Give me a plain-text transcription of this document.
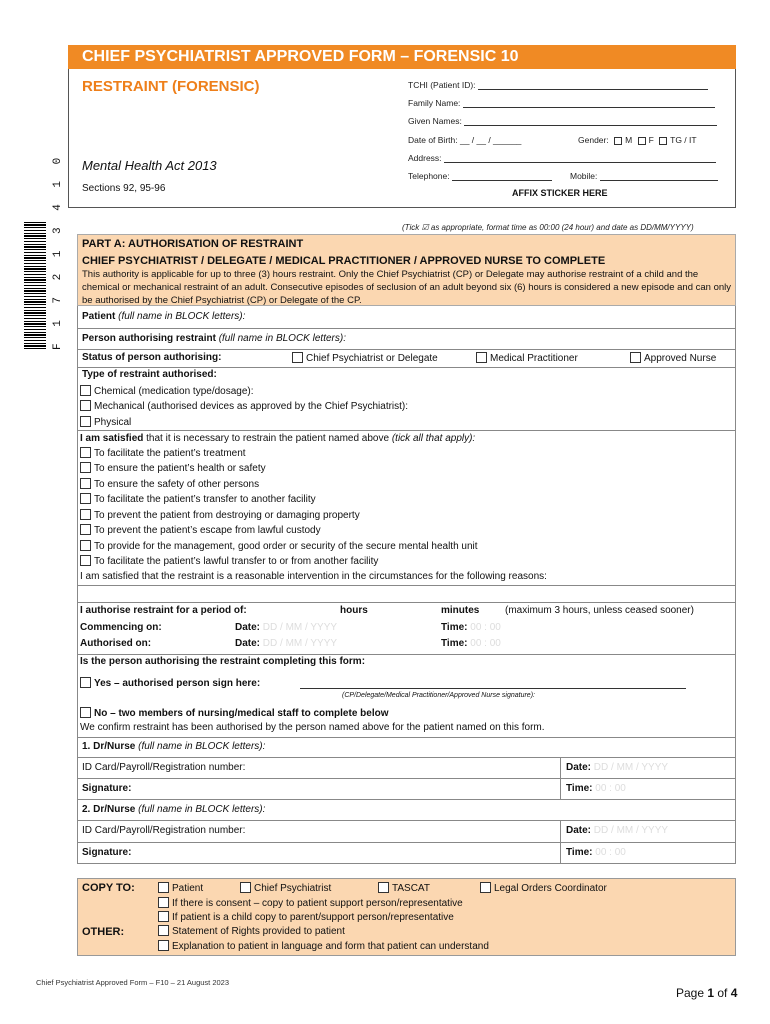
CHIEF PSYCHIATRIST APPROVED FORM – FORENSIC 10
RESTRAINT (FORENSIC)
Mental Health Act 2013
Sections 92, 95-96
TCHI (Patient ID):
Family Name:
Given Names:
Date of Birth: __ / __ / ______	Gender: M F TG / IT
Address:
Telephone:	Mobile:
AFFIX STICKER HERE
(Tick ☑ as appropriate, format time as 00:00 (24 hour) and date as DD/MM/YYYY)
F 1 7 2 1 3 4 1 0 PART A: AUTHORISATION OF RESTRAINT
CHIEF PSYCHIATRIST / DELEGATE / MEDICAL PRACTITIONER / APPROVED NURSE TO COMPLETE
This authority is applicable for up to three (3) hours restraint. Only the Chief Psychiatrist (CP) or Delegate may authorise restraint of a child and the chemical or mechanical restraint of an adult. Consecutive episodes of seclusion of an adult beyond six (6) hours is considered a new episode and can only be authorised by the Chief Psychiatrist (CP) or Delegate of the CP.
Patient (full name in BLOCK letters):
Person authorising restraint (full name in BLOCK letters):
Status of person authorising:	Chief Psychiatrist or Delegate	Medical Practitioner	Approved Nurse
Type of restraint authorised:
Chemical (medication type/dosage):
Mechanical (authorised devices as approved by the Chief Psychiatrist):
Physical
I am satisfied that it is necessary to restrain the patient named above (tick all that apply):
To facilitate the patient’s treatment
To ensure the patient’s health or safety
To ensure the safety of other persons
To facilitate the patient’s transfer to another facility
To prevent the patient from destroying or damaging property
To prevent the patient’s escape from lawful custody
To provide for the management, good order or security of the secure mental health unit
To facilitate the patient’s lawful transfer to or from another facility
I am satisfied that the restraint is a reasonable intervention in the circumstances for the following reasons:
I authorise restraint for a period of:	hours	minutes	(maximum 3 hours, unless ceased sooner)
Commencing on:	Date: DD / MM / YYYY	Time: 00 : 00
Authorised on:	Date: DD / MM / YYYY	Time: 00 : 00
Is the person authorising the restraint completing this form:
Yes – authorised person sign here:
(CP/Delegate/Medical Practitioner/Approved Nurse signature):
No – two members of nursing/medical staff to complete below
We confirm restraint has been authorised by the person named above for the patient named on this form.
1. Dr/Nurse (full name in BLOCK letters):
ID Card/Payroll/Registration number:	Date: DD / MM / YYYY
Signature:	Time: 00 : 00
2. Dr/Nurse (full name in BLOCK letters):
ID Card/Payroll/Registration number:	Date: DD / MM / YYYY
Signature:	Time: 00 : 00
COPY TO:	Patient	Chief Psychiatrist	TASCAT	Legal Orders Coordinator
OTHER:
If there is consent – copy to patient support person/representative
If patient is a child copy to parent/support person/representative
Statement of Rights provided to patient
Explanation to patient in language and form that patient can understand
Chief Psychiatrist Approved Form – F10 – 21 August 2023
Page 1 of 4
